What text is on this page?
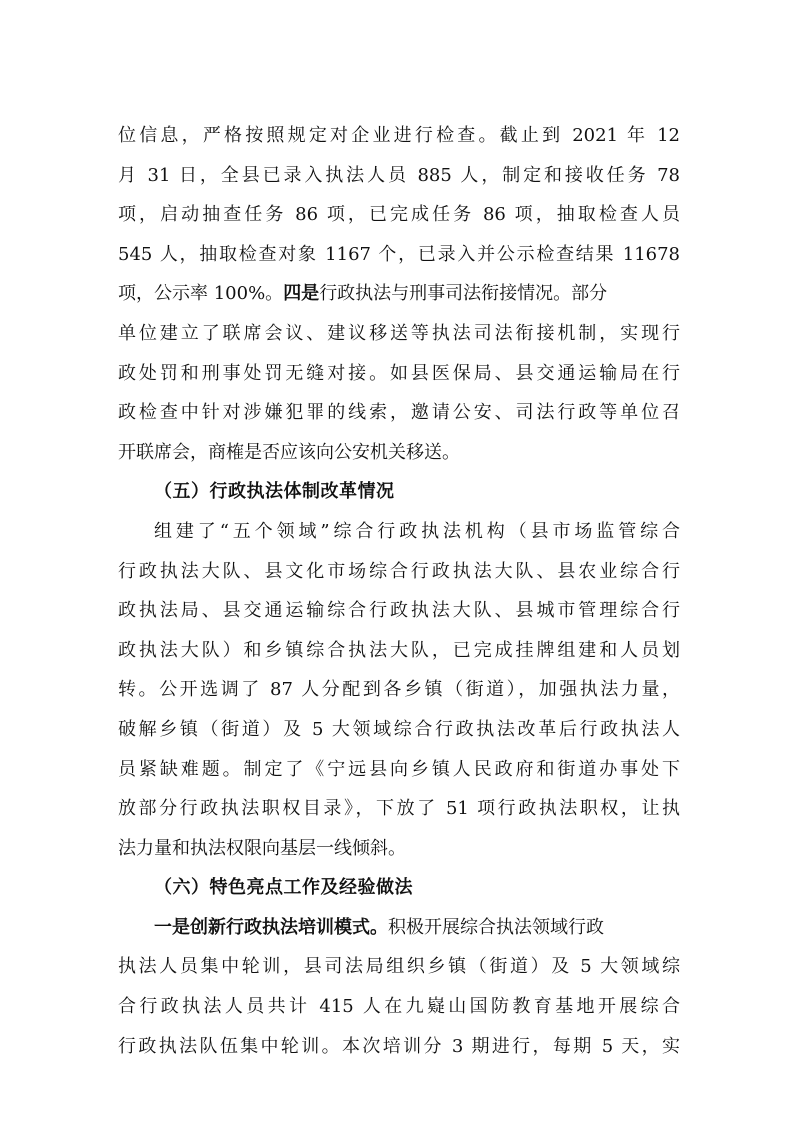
位信息，严格按照规定对企业进行检查。截止到 2021 年 12
月 31 日，全县已录入执法人员 885 人，制定和接收任务 78
项，启动抽查任务 86 项，已完成任务 86 项，抽取检查人员
545 人，抽取检查对象 1167 个，已录入并公示检查结果 11678
项，公示率 100%。四是行政执法与刑事司法衔接情况。部分
单位建立了联席会议、建议移送等执法司法衔接机制，实现行
政处罚和刑事处罚无缝对接。如县医保局、县交通运输局在行
政检查中针对涉嫌犯罪的线索，邀请公安、司法行政等单位召
开联席会，商榷是否应该向公安机关移送。
（五）行政执法体制改革情况
组建了“五个领域”综合行政执法机构（县市场监管综合
行政执法大队、县文化市场综合行政执法大队、县农业综合行
政执法局、县交通运输综合行政执法大队、县城市管理综合行
政执法大队）和乡镇综合执法大队，已完成挂牌组建和人员划
转。公开选调了 87 人分配到各乡镇（街道），加强执法力量，
破解乡镇（街道）及 5 大领域综合行政执法改革后行政执法人
员紧缺难题。制定了《宁远县向乡镇人民政府和街道办事处下
放部分行政执法职权目录》，下放了 51 项行政执法职权，让执
法力量和执法权限向基层一线倾斜。
（六）特色亮点工作及经验做法
一是创新行政执法培训模式。积极开展综合执法领域行政
执法人员集中轮训，县司法局组织乡镇（街道）及 5 大领域综
合行政执法人员共计 415 人在九嶷山国防教育基地开展综合
行政执法队伍集中轮训。本次培训分 3 期进行，每期 5 天，实
